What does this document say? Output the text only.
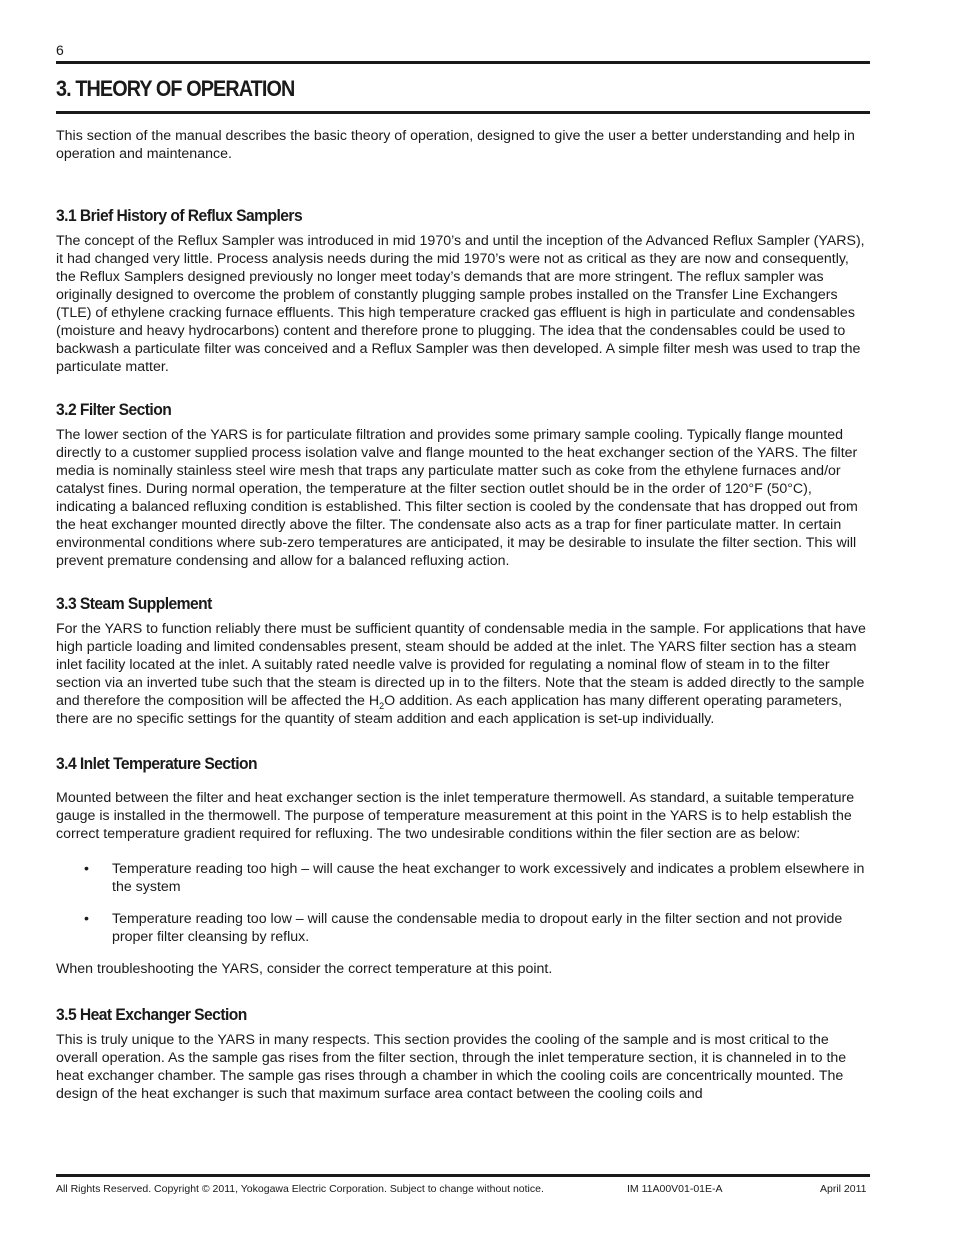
6
3. THEORY OF OPERATION

This section of the manual describes the basic theory of operation, designed to give the user a better understanding and help in operation and maintenance.

3.1 Brief History of Reflux Samplers

The concept of the Reflux Sampler was introduced in mid 1970’s and until the inception of the Advanced Reflux Sampler (YARS), it had changed very little. Process analysis needs during the mid 1970’s were not as critical as they are now and consequently, the Reflux Samplers designed previously no longer meet today’s demands that are more stringent. The reflux sampler was originally designed to overcome the problem of constantly plugging sample probes installed on the Transfer Line Exchangers (TLE) of ethylene cracking furnace effluents. This high temperature cracked gas effluent is high in particulate and condensables (moisture and heavy hydrocarbons) content and therefore prone to plugging. The idea that the condensables could be used to backwash a particulate filter was conceived and a Reflux Sampler was then developed. A simple filter mesh was used to trap the particulate matter.

3.2 Filter Section

The lower section of the YARS is for particulate filtration and provides some primary sample cooling. Typically flange mounted directly to a customer supplied process isolation valve and flange mounted to the heat exchanger section of the YARS. The filter media is nominally stainless steel wire mesh that traps any particulate matter such as coke from the ethylene furnaces and/or catalyst fines. During normal operation, the temperature at the filter section outlet should be in the order of 120°F (50°C), indicating a balanced refluxing condition is established. This filter section is cooled by the condensate that has dropped out from the heat exchanger mounted directly above the filter. The condensate also acts as a trap for finer particulate matter. In certain environmental conditions where sub-zero temperatures are anticipated, it may be desirable to insulate the filter section. This will prevent premature condensing and allow for a balanced refluxing action.

3.3 Steam Supplement

For the YARS to function reliably there must be sufficient quantity of condensable media in the sample. For applications that have high particle loading and limited condensables present, steam should be added at the inlet. The YARS filter section has a steam inlet facility located at the inlet. A suitably rated needle valve is provided for regulating a nominal flow of steam in to the filter section via an inverted tube such that the steam is directed up in to the filters. Note that the steam is added directly to the sample and therefore the composition will be affected the $H_2O$ addition. As each application has many different operating parameters, there are no specific settings for the quantity of steam addition and each application is set-up individually.

3.4 Inlet Temperature Section

Mounted between the filter and heat exchanger section is the inlet temperature thermowell. As standard, a suitable temperature gauge is installed in the thermowell. The purpose of temperature measurement at this point in the YARS is to help establish the correct temperature gradient required for refluxing. The two undesirable conditions within the filer section are as below:

• Temperature reading too high – will cause the heat exchanger to work excessively and indicates a problem elsewhere in the system
• Temperature reading too low – will cause the condensable media to dropout early in the filter section and not provide proper filter cleansing by reflux.

When troubleshooting the YARS, consider the correct temperature at this point.

3.5 Heat Exchanger Section

This is truly unique to the YARS in many respects. This section provides the cooling of the sample and is most critical to the overall operation. As the sample gas rises from the filter section, through the inlet temperature section, it is channeled in to the heat exchanger chamber. The sample gas rises through a chamber in which the cooling coils are concentrically mounted. The design of the heat exchanger is such that maximum surface area contact between the cooling coils and

All Rights Reserved. Copyright © 2011, Yokogawa Electric Corporation. Subject to change without notice.	IM 11A00V01-01E-A	April 2011
